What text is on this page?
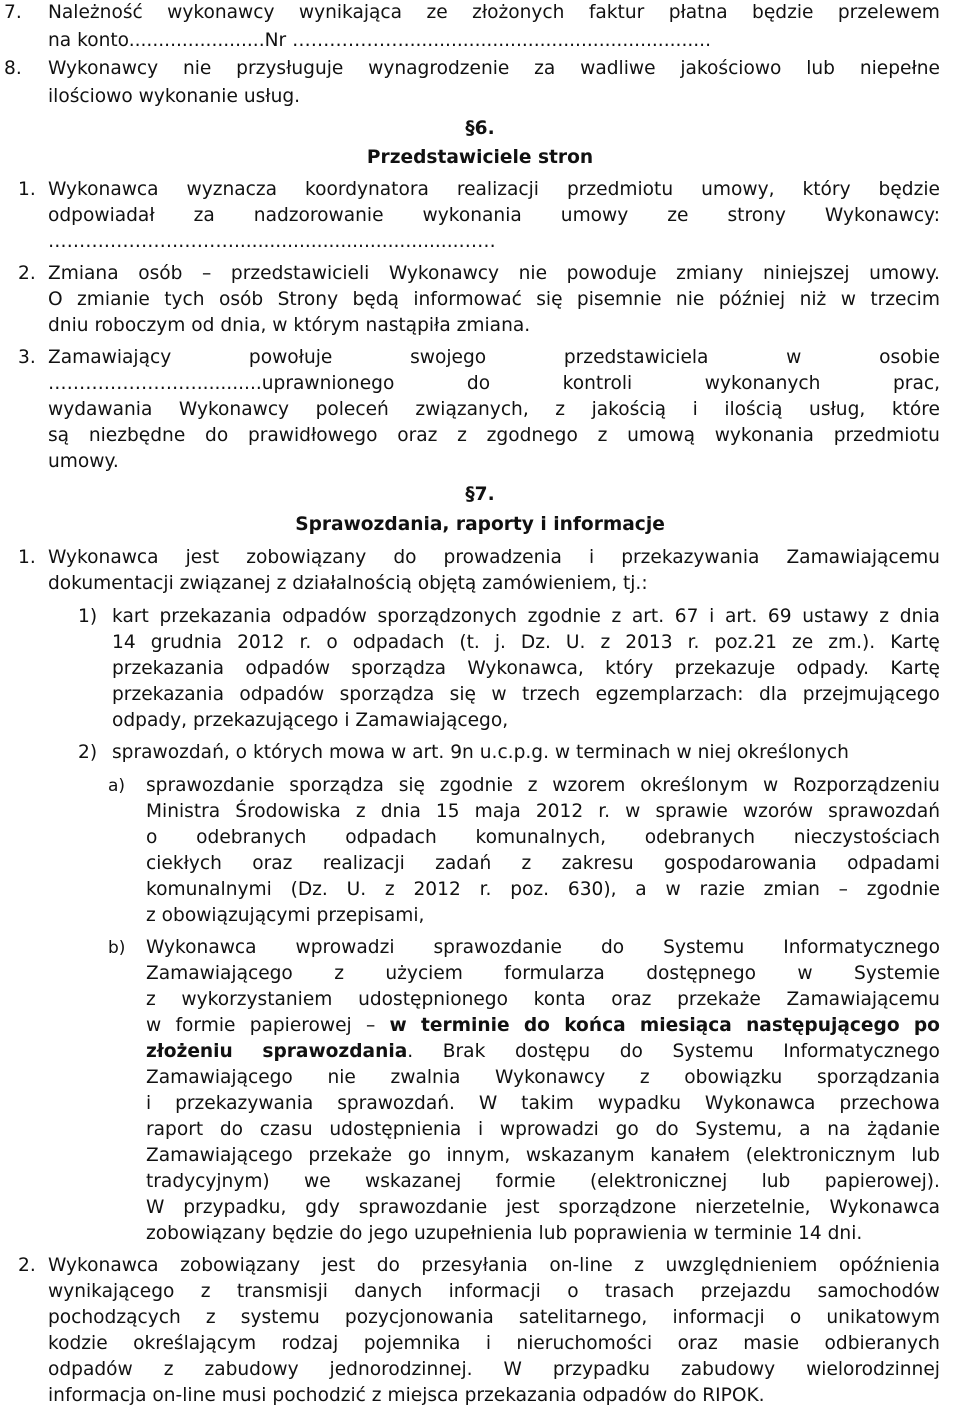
7. Należność wykonawcy wynikająca ze złożonych faktur płatna będzie przelewem
na konto.......................Nr ………………....................................................
8. Wykonawcy nie przysługuje wynagrodzenie za wadliwe jakościowo lub niepełne
ilościowo wykonanie usług.
§6.
Przedstawiciele stron
1. Wykonawca wyznacza koordynatora realizacji przedmiotu umowy, który będzie
odpowiadał za nadzorowanie wykonania umowy ze strony Wykonawcy:
…………………………......................................……
2. Zmiana osób – przedstawicieli Wykonawcy nie powoduje zmiany niniejszej umowy.
O zmianie tych osób Strony będą informować się pisemnie nie później niż w trzecim
dniu roboczym od dnia, w którym nastąpiła zmiana.
3. Zamawiający	powołuje	swojego	przedstawiciela	w	osobie
……………………...........uprawnionego	do	kontroli	wykonanych	prac,
wydawania Wykonawcy poleceń związanych, z jakością i ilością usług, które
są niezbędne do prawidłowego oraz z zgodnego z umową wykonania przedmiotu
umowy.
§7.
Sprawozdania, raporty i informacje
1. Wykonawca jest zobowiązany do prowadzenia i przekazywania Zamawiającemu
dokumentacji związanej z działalnością objętą zamówieniem, tj.:
1) kart przekazania odpadów sporządzonych zgodnie z art. 67 i art. 69 ustawy z dnia
14 grudnia 2012 r. o odpadach (t. j. Dz. U. z 2013 r. poz.21 ze zm.). Kartę
przekazania odpadów sporządza Wykonawca, który przekazuje odpady. Kartę
przekazania odpadów sporządza się w trzech egzemplarzach: dla przejmującego
odpady, przekazującego i Zamawiającego,
2) sprawozdań, o których mowa w art. 9n u.c.p.g. w terminach w niej określonych
a) sprawozdanie sporządza się zgodnie z wzorem określonym w Rozporządzeniu
Ministra Środowiska z dnia 15 maja 2012 r. w sprawie wzorów sprawozdań
o odebranych odpadach komunalnych, odebranych nieczystościach
ciekłych oraz realizacji zadań z zakresu gospodarowania odpadami
komunalnymi (Dz. U. z 2012 r. poz. 630), a w razie zmian – zgodnie
z obowiązującymi przepisami,
b) Wykonawca wprowadzi sprawozdanie do Systemu Informatycznego
Zamawiającego z użyciem formularza dostępnego w Systemie
z wykorzystaniem udostępnionego konta oraz przekaże Zamawiającemu
w formie papierowej – w terminie do końca miesiąca następującego po
złożeniu sprawozdania. Brak dostępu do Systemu Informatycznego
Zamawiającego nie zwalnia Wykonawcy z obowiązku sporządzania
i przekazywania sprawozdań. W takim wypadku Wykonawca przechowa
raport do czasu udostępnienia i wprowadzi go do Systemu, a na żądanie
Zamawiającego przekaże go innym, wskazanym kanałem (elektronicznym lub
tradycyjnym) we wskazanej formie (elektronicznej lub papierowej).
W przypadku, gdy sprawozdanie jest sporządzone nierzetelnie, Wykonawca
zobowiązany będzie do jego uzupełnienia lub poprawienia w terminie 14 dni.
2. Wykonawca zobowiązany jest do przesyłania on-line z uwzględnieniem opóźnienia
wynikającego z transmisji danych informacji o trasach przejazdu samochodów
pochodzących z systemu pozycjonowania satelitarnego, informacji o unikatowym
kodzie określającym rodzaj pojemnika i nieruchomości oraz masie odbieranych
odpadów z zabudowy jednorodzinnej. W przypadku zabudowy wielorodzinnej
informacja on-line musi pochodzić z miejsca przekazania odpadów do RIPOK.
